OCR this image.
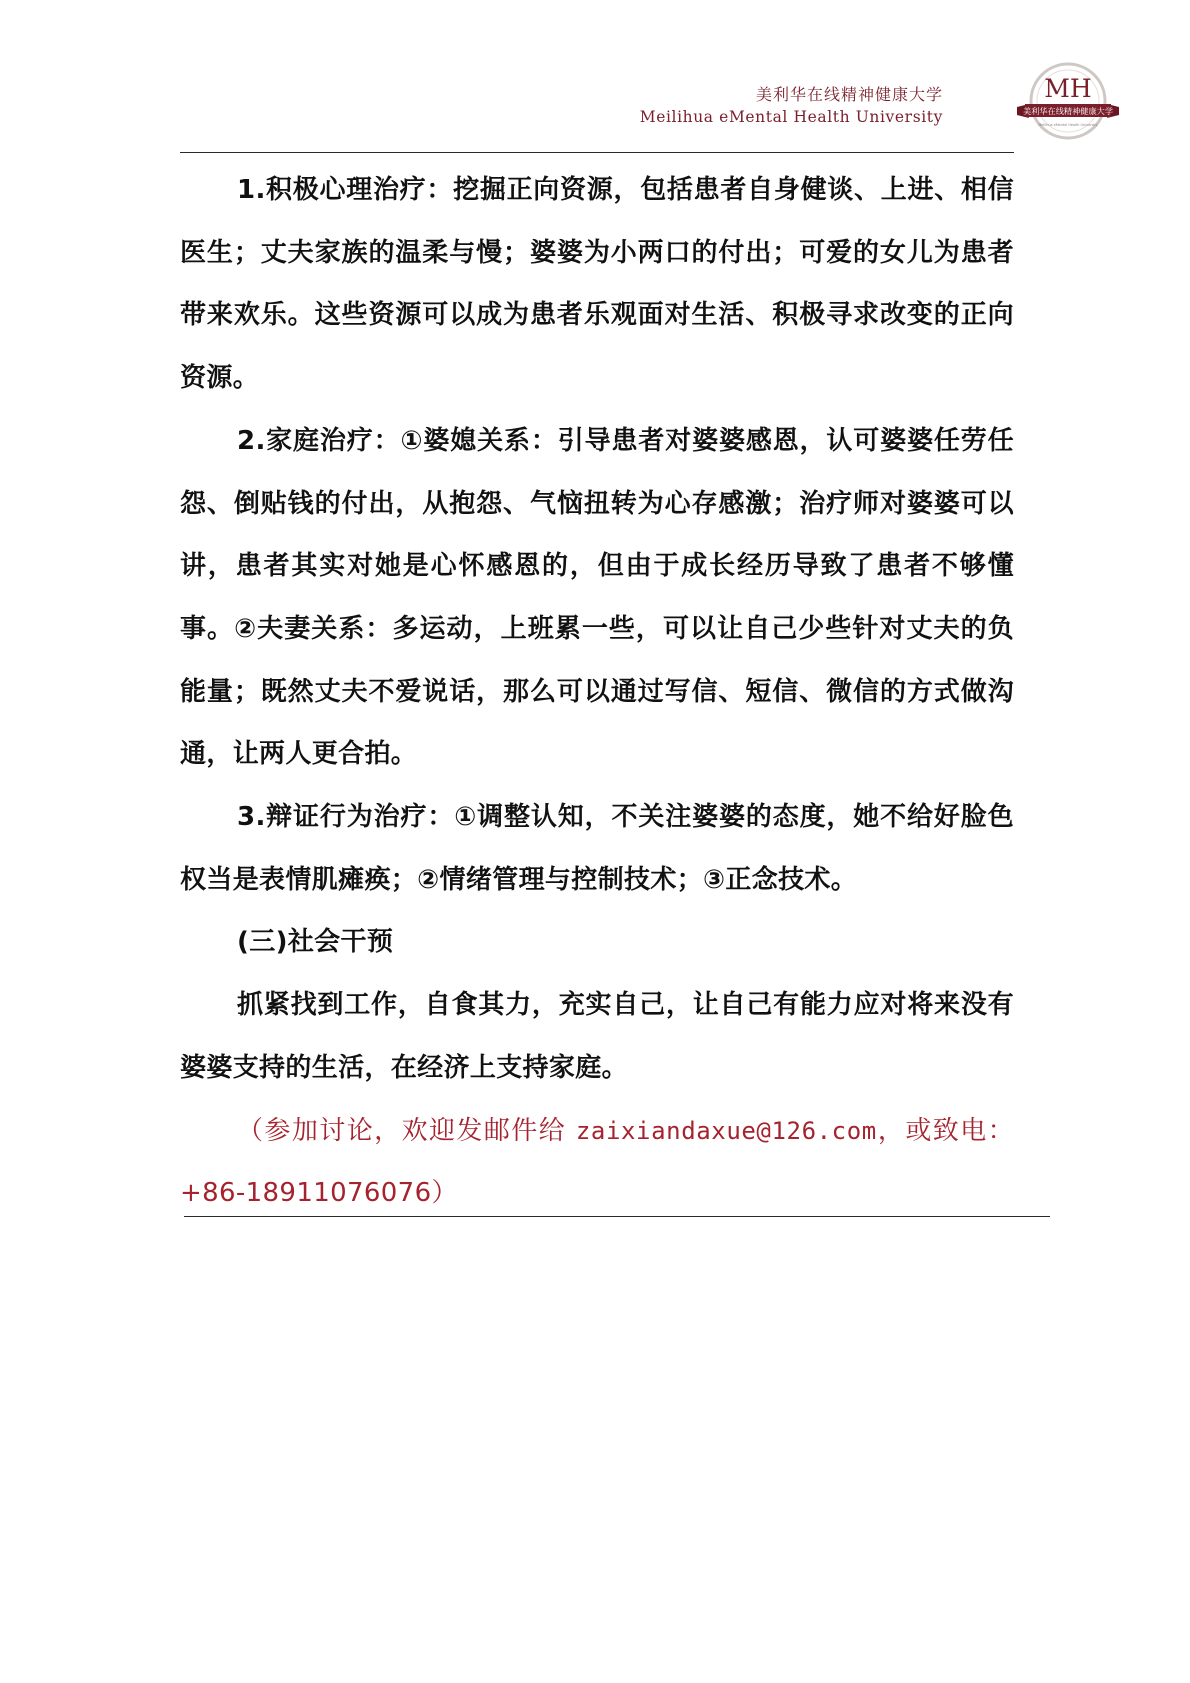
美利华在线精神健康大学
Meilihua eMental Health University
MH
美利华在线精神健康大学
Meilihua eMental Health University

1.积极心理治疗：挖掘正向资源，包括患者自身健谈、上进、相信医生；丈夫家族的温柔与慢；婆婆为小两口的付出；可爱的女儿为患者带来欢乐。这些资源可以成为患者乐观面对生活、积极寻求改变的正向资源。

2.家庭治疗：①婆媳关系：引导患者对婆婆感恩，认可婆婆任劳任怨、倒贴钱的付出，从抱怨、气恼扭转为心存感激；治疗师对婆婆可以讲，患者其实对她是心怀感恩的，但由于成长经历导致了患者不够懂事。②夫妻关系：多运动，上班累一些，可以让自己少些针对丈夫的负能量；既然丈夫不爱说话，那么可以通过写信、短信、微信的方式做沟通，让两人更合拍。

3.辩证行为治疗：①调整认知，不关注婆婆的态度，她不给好脸色权当是表情肌瘫痪；②情绪管理与控制技术；③正念技术。

(三)社会干预

抓紧找到工作，自食其力，充实自己，让自己有能力应对将来没有婆婆支持的生活，在经济上支持家庭。

（参加讨论，欢迎发邮件给 zaixiandaxue@126.com，或致电：+86-18911076076）
